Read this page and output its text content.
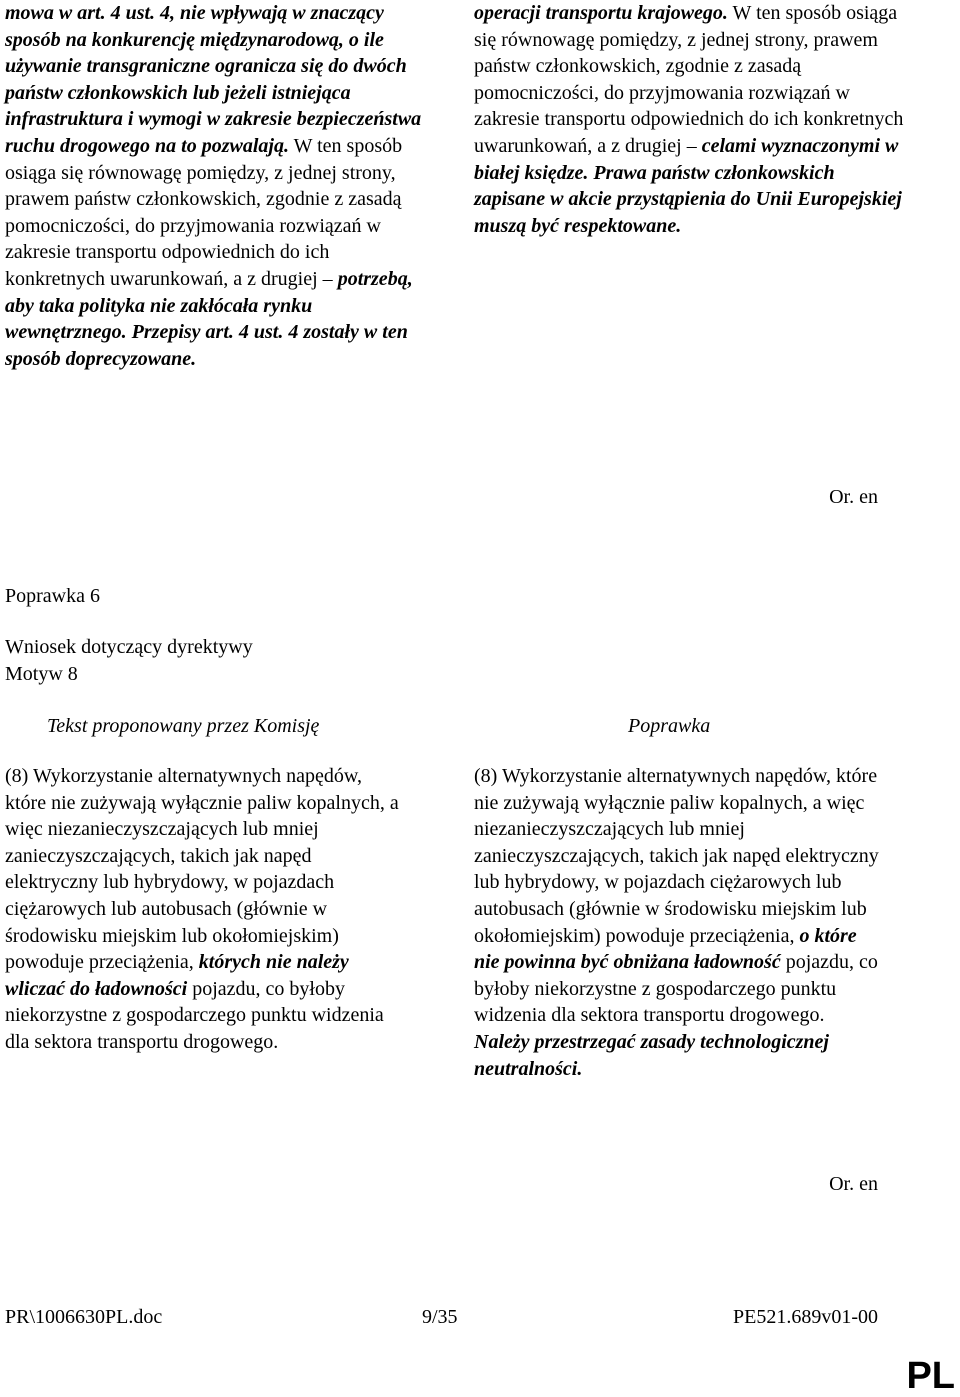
mowa w art. 4 ust. 4, nie wpływają w znaczący sposób na konkurencję międzynarodową, o ile używanie transgraniczne ogranicza się do dwóch państw członkowskich lub jeżeli istniejąca infrastruktura i wymogi w zakresie bezpieczeństwa ruchu drogowego na to pozwalają. W ten sposób osiąga się równowagę pomiędzy, z jednej strony, prawem państw członkowskich, zgodnie z zasadą pomocniczości, do przyjmowania rozwiązań w zakresie transportu odpowiednich do ich konkretnych uwarunkowań, a z drugiej – potrzebą, aby taka polityka nie zakłócała rynku wewnętrznego. Przepisy art. 4 ust. 4 zostały w ten sposób doprecyzowane.

operacji transportu krajowego. W ten sposób osiąga się równowagę pomiędzy, z jednej strony, prawem państw członkowskich, zgodnie z zasadą pomocniczości, do przyjmowania rozwiązań w zakresie transportu odpowiednich do ich konkretnych uwarunkowań, a z drugiej – celami wyznaczonymi w białej księdze. Prawa państw członkowskich zapisane w akcie przystąpienia do Unii Europejskiej muszą być respektowane.

Or. en
Poprawka 6
Wniosek dotyczący dyrektywy
Motyw 8
Tekst proponowany przez Komisję	Poprawka

(8) Wykorzystanie alternatywnych napędów, które nie zużywają wyłącznie paliw kopalnych, a więc niezanieczyszczających lub mniej zanieczyszczających, takich jak napęd elektryczny lub hybrydowy, w pojazdach ciężarowych lub autobusach (głównie w środowisku miejskim lub okołomiejskim) powoduje przeciążenia, których nie należy wliczać do ładowności pojazdu, co byłoby niekorzystne z gospodarczego punktu widzenia dla sektora transportu drogowego.

(8) Wykorzystanie alternatywnych napędów, które nie zużywają wyłącznie paliw kopalnych, a więc niezanieczyszczających lub mniej zanieczyszczających, takich jak napęd elektryczny lub hybrydowy, w pojazdach ciężarowych lub autobusach (głównie w środowisku miejskim lub okołomiejskim) powoduje przeciążenia, o które nie powinna być obniżana ładowność pojazdu, co byłoby niekorzystne z gospodarczego punktu widzenia dla sektora transportu drogowego. Należy przestrzegać zasady technologicznej neutralności.

Or. en
PR\1006630PL.doc	9/35	PE521.689v01-00
PL
